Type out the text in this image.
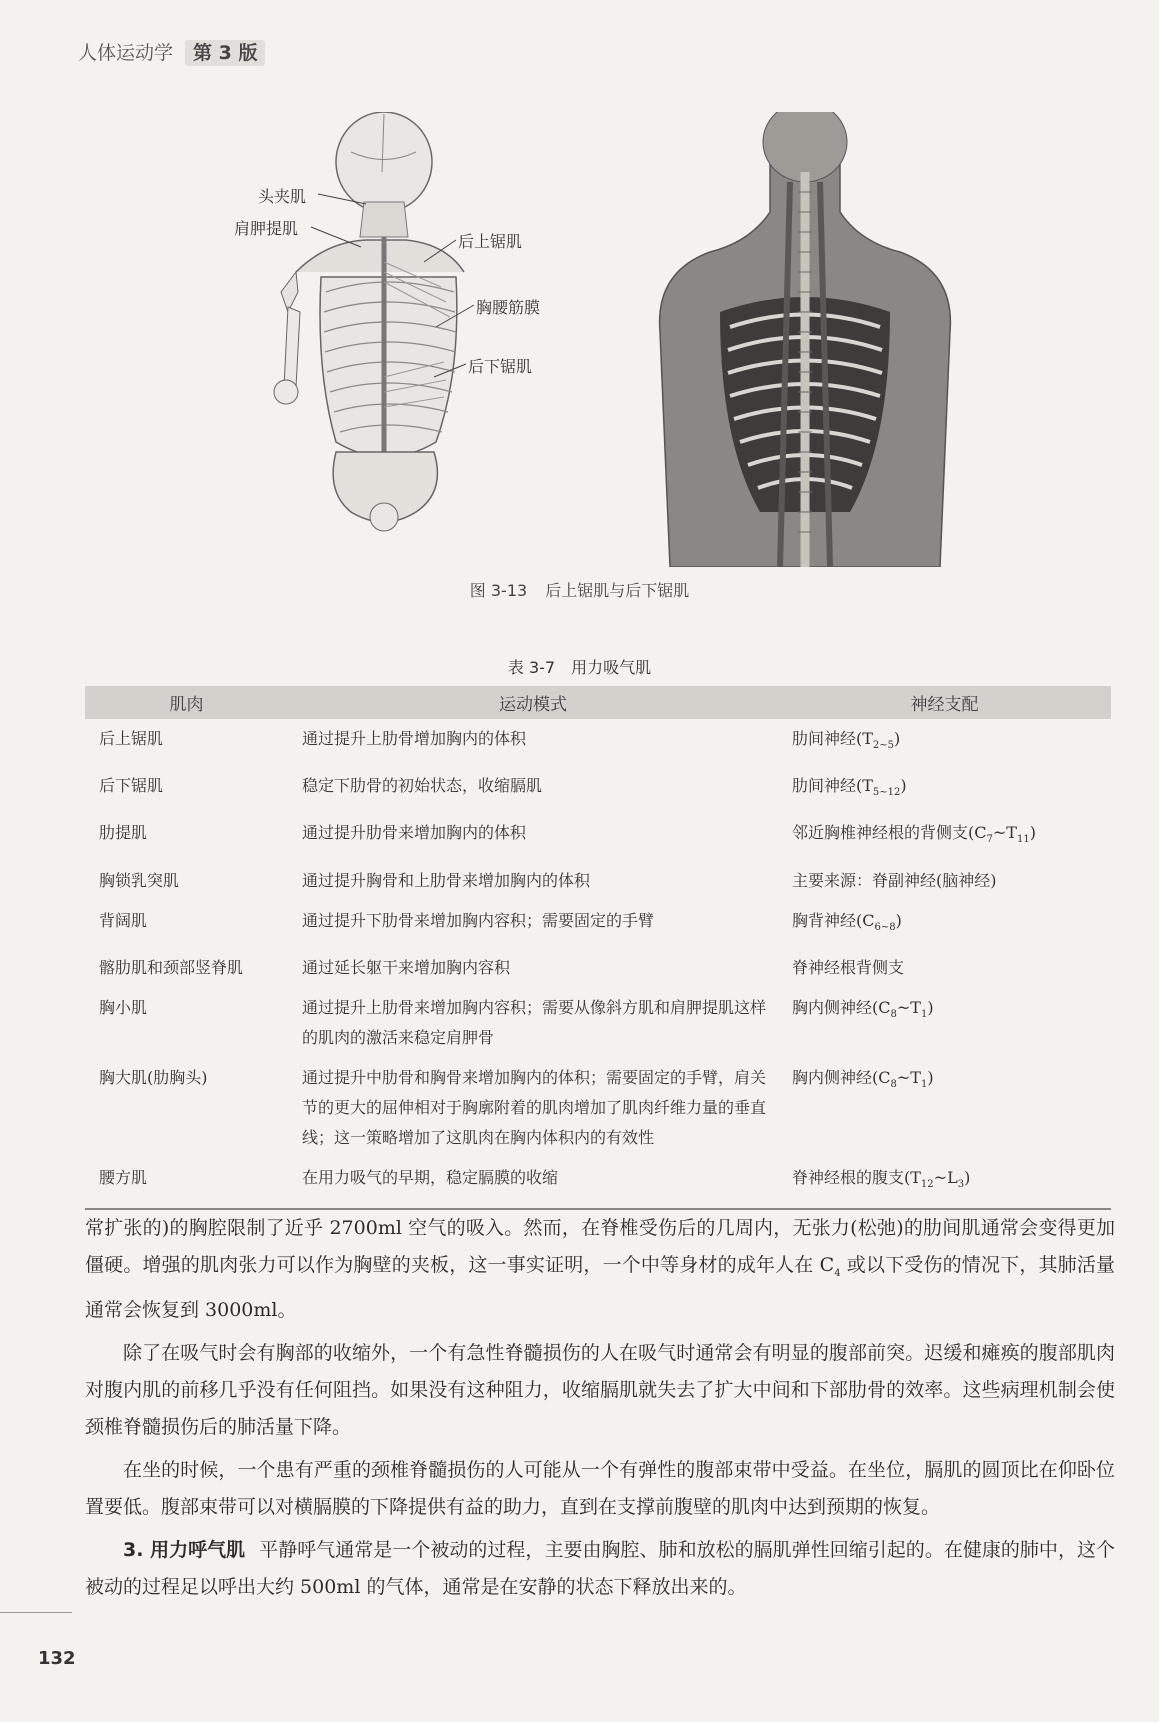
人体运动学 第 3 版
头夹肌
肩胛提肌
后上锯肌
胸腰筋膜
后下锯肌
图 3-13 后上锯肌与后下锯肌
表 3-7 用力吸气肌
肌肉	运动模式	神经支配
后上锯肌	通过提升上肋骨增加胸内的体积	肋间神经$(T_{2\sim 5})$
后下锯肌	稳定下肋骨的初始状态，收缩膈肌	肋间神经$(T_{5\sim 12})$
肋提肌	通过提升肋骨来增加胸内的体积	邻近胸椎神经根的背侧支$(C_7\sim T_{11})$
胸锁乳突肌	通过提升胸骨和上肋骨来增加胸内的体积	主要来源：脊副神经(脑神经)
背阔肌	通过提升下肋骨来增加胸内容积；需要固定的手臂	胸背神经$(C_{6\sim 8})$
髂肋肌和颈部竖脊肌	通过延长躯干来增加胸内容积	脊神经根背侧支
胸小肌	通过提升上肋骨来增加胸内容积；需要从像斜方肌和肩胛提肌这样的肌肉的激活来稳定肩胛骨	胸内侧神经$(C_8\sim T_1)$
胸大肌(肋胸头)	通过提升中肋骨和胸骨来增加胸内的体积；需要固定的手臂，肩关节的更大的屈伸相对于胸廓附着的肌肉增加了肌肉纤维力量的垂直线；这一策略增加了这肌肉在胸内体积内的有效性	胸内侧神经$(C_8\sim T_1)$
腰方肌	在用力吸气的早期，稳定膈膜的收缩	脊神经根的腹支$(T_{12}\sim L_3)$

常扩张的)的胸腔限制了近乎 2700ml 空气的吸入。然而，在脊椎受伤后的几周内，无张力(松弛)的肋间肌通常会变得更加僵硬。增强的肌肉张力可以作为胸壁的夹板，这一事实证明，一个中等身材的成年人在 $C_4$ 或以下受伤的情况下，其肺活量通常会恢复到 3000ml。

除了在吸气时会有胸部的收缩外，一个有急性脊髓损伤的人在吸气时通常会有明显的腹部前突。迟缓和瘫痪的腹部肌肉对腹内肌的前移几乎没有任何阻挡。如果没有这种阻力，收缩膈肌就失去了扩大中间和下部肋骨的效率。这些病理机制会使颈椎脊髓损伤后的肺活量下降。

在坐的时候，一个患有严重的颈椎脊髓损伤的人可能从一个有弹性的腹部束带中受益。在坐位，膈肌的圆顶比在仰卧位置要低。腹部束带可以对横膈膜的下降提供有益的助力，直到在支撑前腹壁的肌肉中达到预期的恢复。

3. 用力呼气肌 平静呼气通常是一个被动的过程，主要由胸腔、肺和放松的膈肌弹性回缩引起的。在健康的肺中，这个被动的过程足以呼出大约 500ml 的气体，通常是在安静的状态下释放出来的。

132
